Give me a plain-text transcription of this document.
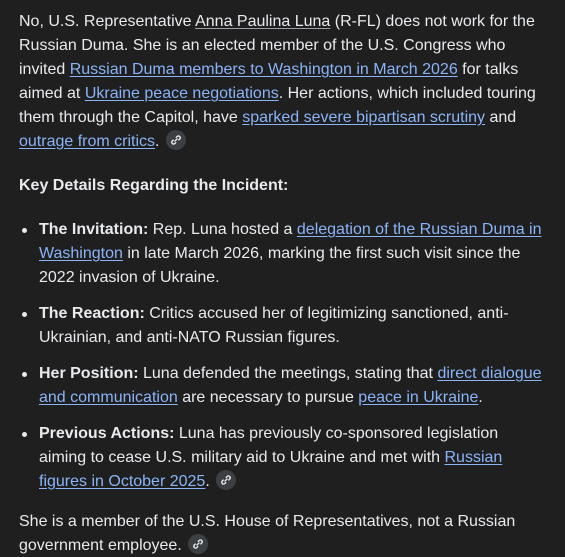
No, U.S. Representative Anna Paulina Luna (R-FL) does not work for the Russian Duma. She is an elected member of the U.S. Congress who invited Russian Duma members to Washington in March 2026 for talks aimed at Ukraine peace negotiations. Her actions, which included touring them through the Capitol, have sparked severe bipartisan scrutiny and outrage from critics.

Key Details Regarding the Incident:

The Invitation: Rep. Luna hosted a delegation of the Russian Duma in Washington in late March 2026, marking the first such visit since the 2022 invasion of Ukraine.
The Reaction: Critics accused her of legitimizing sanctioned, anti-Ukrainian, and anti-NATO Russian figures.
Her Position: Luna defended the meetings, stating that direct dialogue and communication are necessary to pursue peace in Ukraine.
Previous Actions: Luna has previously co-sponsored legislation aiming to cease U.S. military aid to Ukraine and met with Russian figures in October 2025.

She is a member of the U.S. House of Representatives, not a Russian government employee.
